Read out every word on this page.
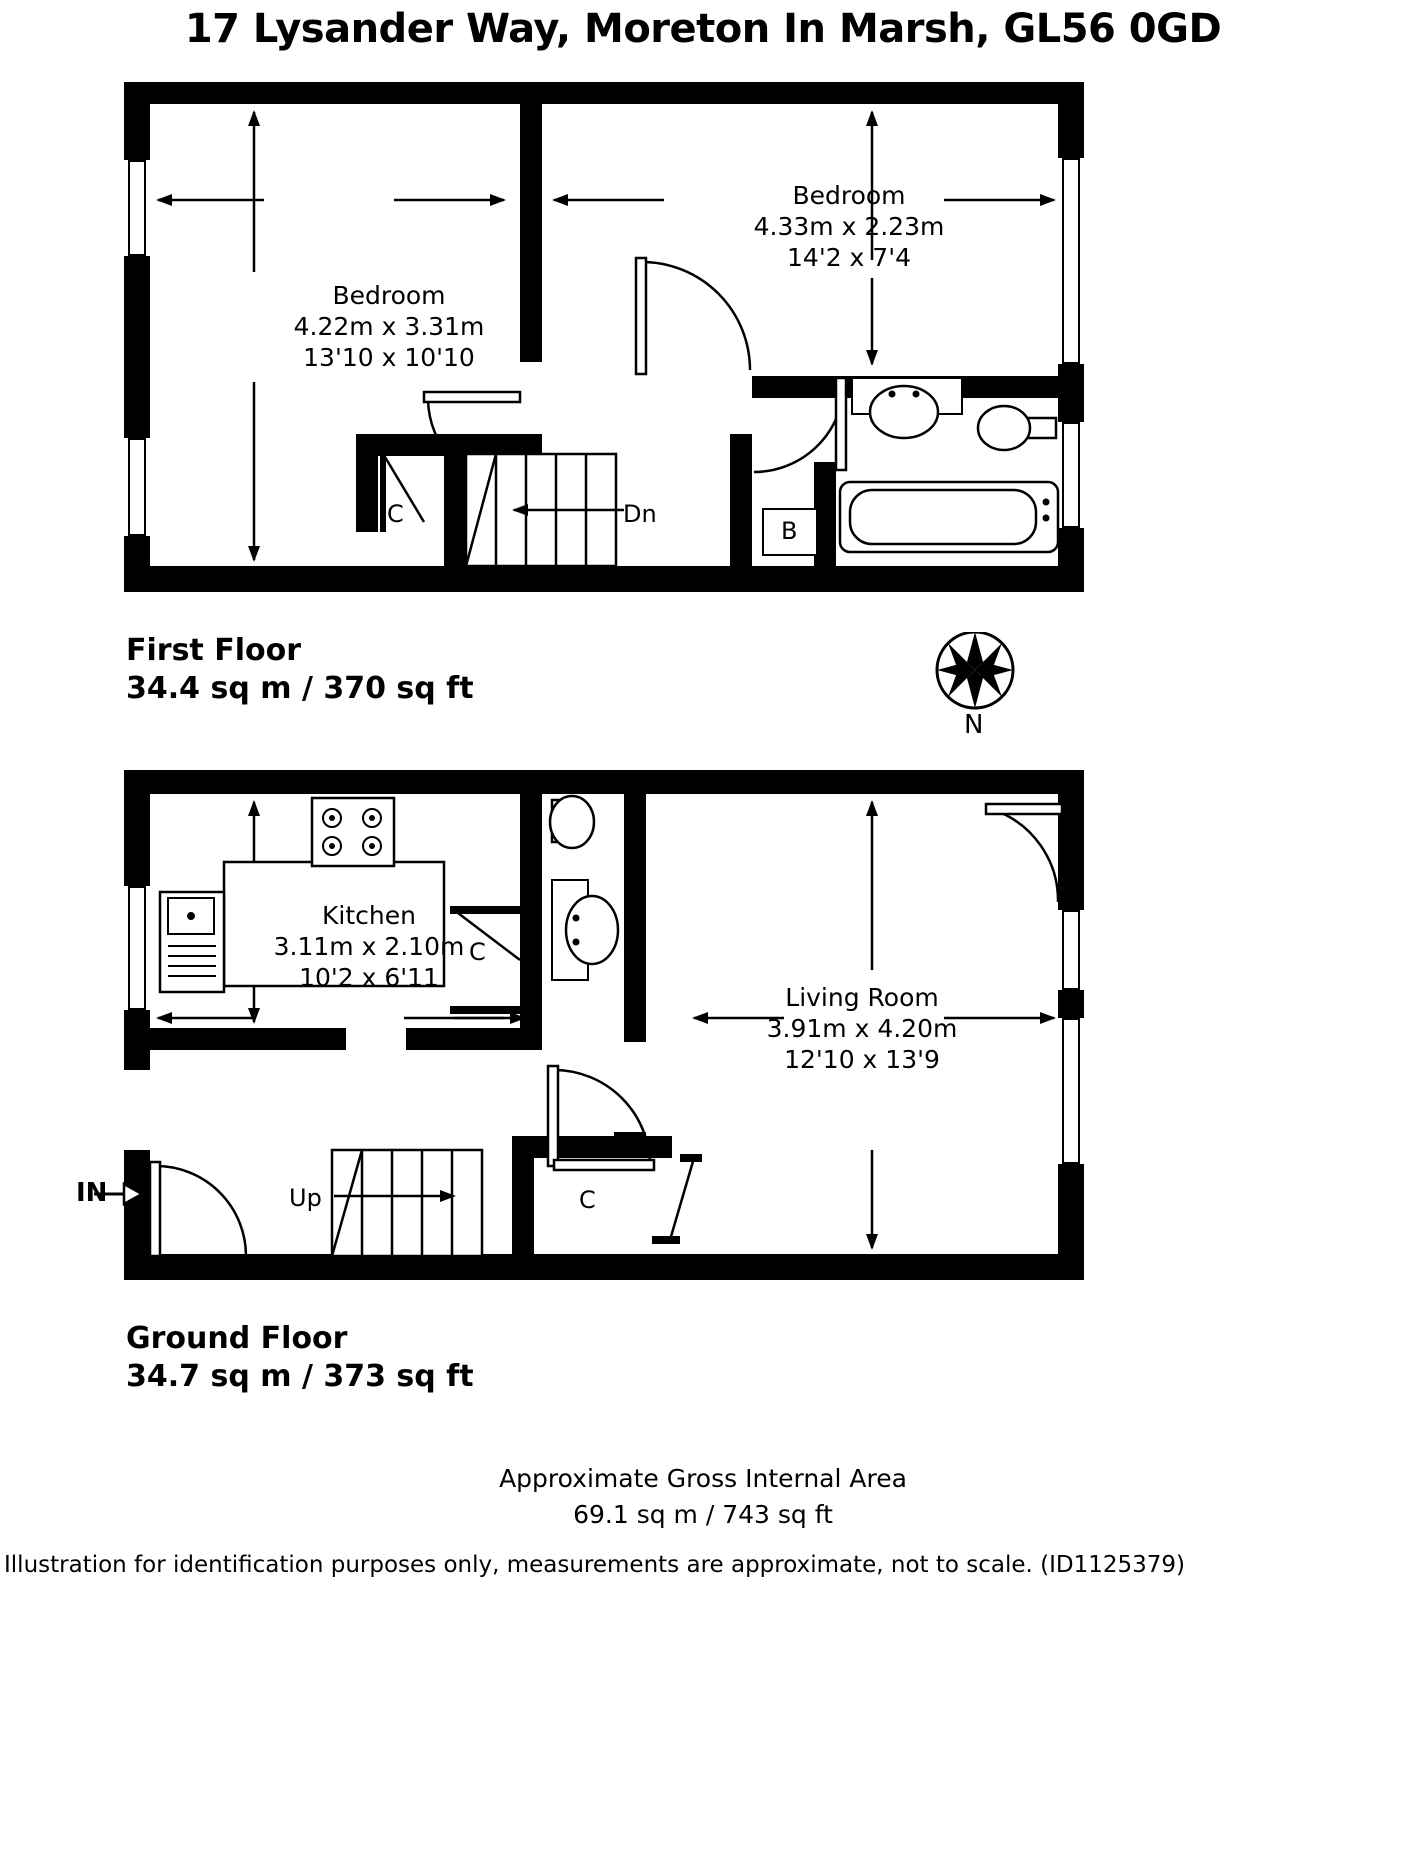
17 Lysander Way, Moreton In Marsh, GL56 0GD
B
Bedroom
4.22m x 3.31m
13'10 x 10'10
Bedroom
4.33m x 2.23m
14'2 x 7'4
C	Dn
First Floor
34.4 sq m / 370 sq ft
N
Kitchen
3.11m x 2.10m
10'2 x 6'11
Living Room
3.91m x 4.20m
12'10 x 13'9
C
C
Up
IN
Ground Floor
34.7 sq m / 373 sq ft
Approximate Gross Internal Area
69.1 sq m / 743 sq ft
Illustration for identification purposes only, measurements are approximate, not to scale. (ID1125379)
